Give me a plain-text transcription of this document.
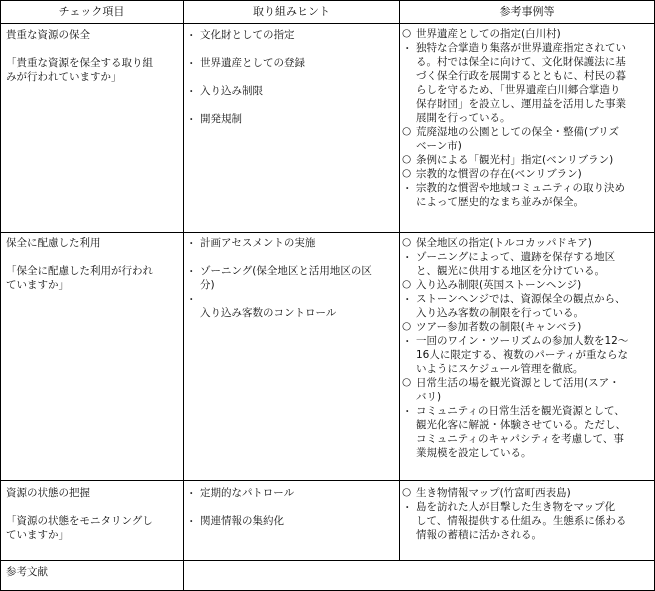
チェック項目	取り組みヒント	参考事例等
貴重な資源の保全
「貴重な資源を保全する取り組
みが行われていますか」
・ 文化財としての指定
・ 世界遺産としての登録
・ 入り込み制限
・ 開発規制
○ 世界遺産としての指定(白川村)
・ 独特な合掌造り集落が世界遺産指定されてい
る。村では保全に向けて、文化財保護法に基
づく保全行政を展開するとともに、村民の暮
らしを守るため、「世界遺産白川郷合掌造り
保存財団」を設立し、運用益を活用した事業
展開を行っている。
○ 荒廃湿地の公園としての保全・整備(ブリズ
ベーン市)
○ 条例による「観光村」指定(ベンリブラン)
○ 宗教的な慣習の存在(ベンリブラン)
・ 宗教的な慣習や地域コミュニティの取り決め
によって歴史的なまち並みが保全。
保全に配慮した利用
「保全に配慮した利用が行われ
ていますか」
・ 計画アセスメントの実施
・ ゾーニング(保全地区と活用地区の区
分)
・
入り込み客数のコントロール
○ 保全地区の指定(トルコカッパドキア)
・ ゾーニングによって、遺跡を保存する地区
と、観光に供用する地区を分けている。
○ 入り込み制限(英国ストーンヘンジ)
・ ストーンヘンジでは、資源保全の観点から、
入り込み客数の制限を行っている。
○ ツアー参加者数の制限(キャンベラ)
・ 一回のワイン・ツーリズムの参加人数を12〜
16人に限定する、複数のパーティが重ならな
いようにスケジュール管理を徹底。
○ 日常生活の場を観光資源として活用(スア・
バリ)
・ コミュニティの日常生活を観光資源として、
観光化客に解説・体験させている。ただし、
コミュニティのキャパシティを考慮して、事
業規模を設定している。
資源の状態の把握
「資源の状態をモニタリングし
ていますか」
・ 定期的なパトロール
・ 関連情報の集約化
○ 生き物情報マップ(竹富町西表島)
・ 島を訪れた人が目撃した生き物をマップ化
して、情報提供する仕組み。生態系に係わる
情報の蓄積に活かされる。
参考文献
